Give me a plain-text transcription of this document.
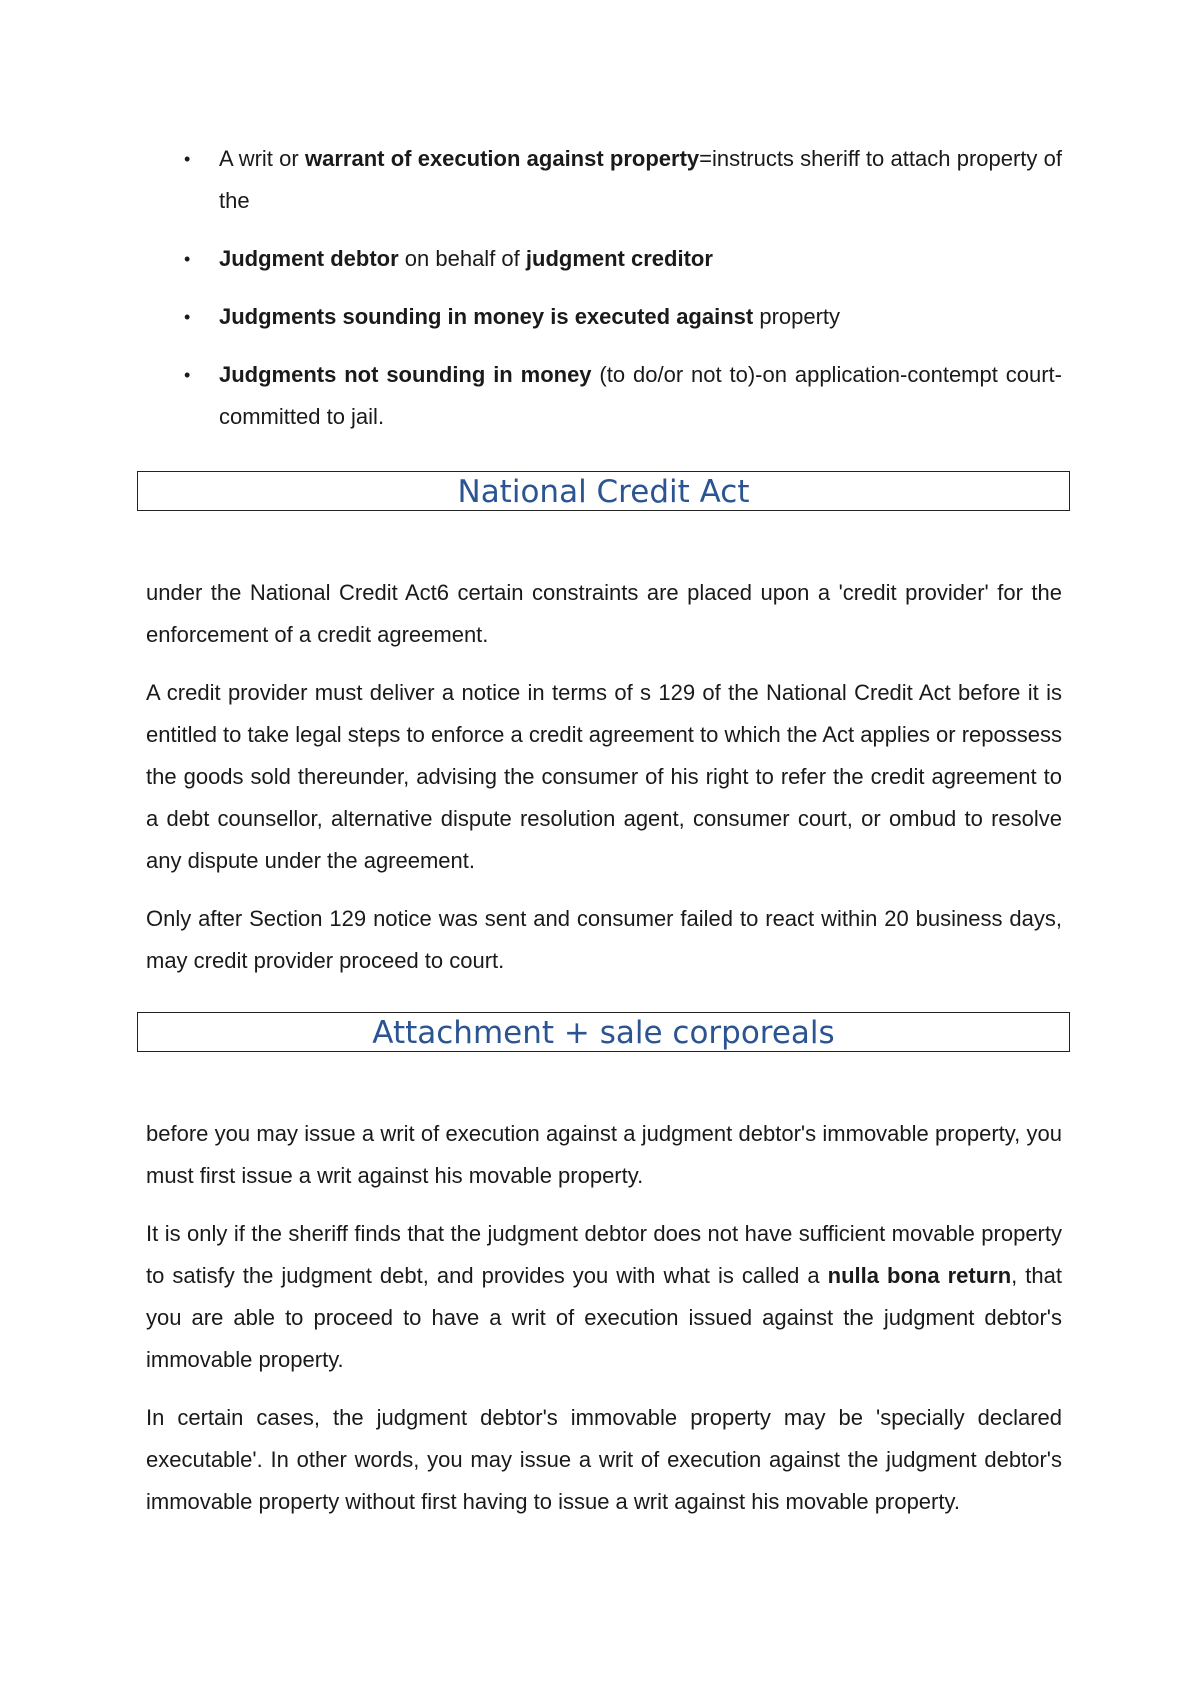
• A writ or warrant of execution against property=instructs sheriff to attach property of the
• Judgment debtor on behalf of judgment creditor
• Judgments sounding in money is executed against property
• Judgments not sounding in money (to do/or not to)-on application-contempt court-committed to jail.
National Credit Act

under the National Credit Act6 certain constraints are placed upon a 'credit provider' for the enforcement of a credit agreement.

A credit provider must deliver a notice in terms of s 129 of the National Credit Act before it is entitled to take legal steps to enforce a credit agreement to which the Act applies or repossess the goods sold thereunder, advising the consumer of his right to refer the credit agreement to a debt counsellor, alternative dispute resolution agent, consumer court, or ombud to resolve any dispute under the agreement.

Only after Section 129 notice was sent and consumer failed to react within 20 business days, may credit provider proceed to court.

Attachment + sale corporeals

before you may issue a writ of execution against a judgment debtor's immovable property, you must first issue a writ against his movable property.

It is only if the sheriff finds that the judgment debtor does not have sufficient movable property to satisfy the judgment debt, and provides you with what is called a nulla bona return, that you are able to proceed to have a writ of execution issued against the judgment debtor's immovable property.

In certain cases, the judgment debtor's immovable property may be 'specially declared executable'. In other words, you may issue a writ of execution against the judgment debtor's immovable property without first having to issue a writ against his movable property.
